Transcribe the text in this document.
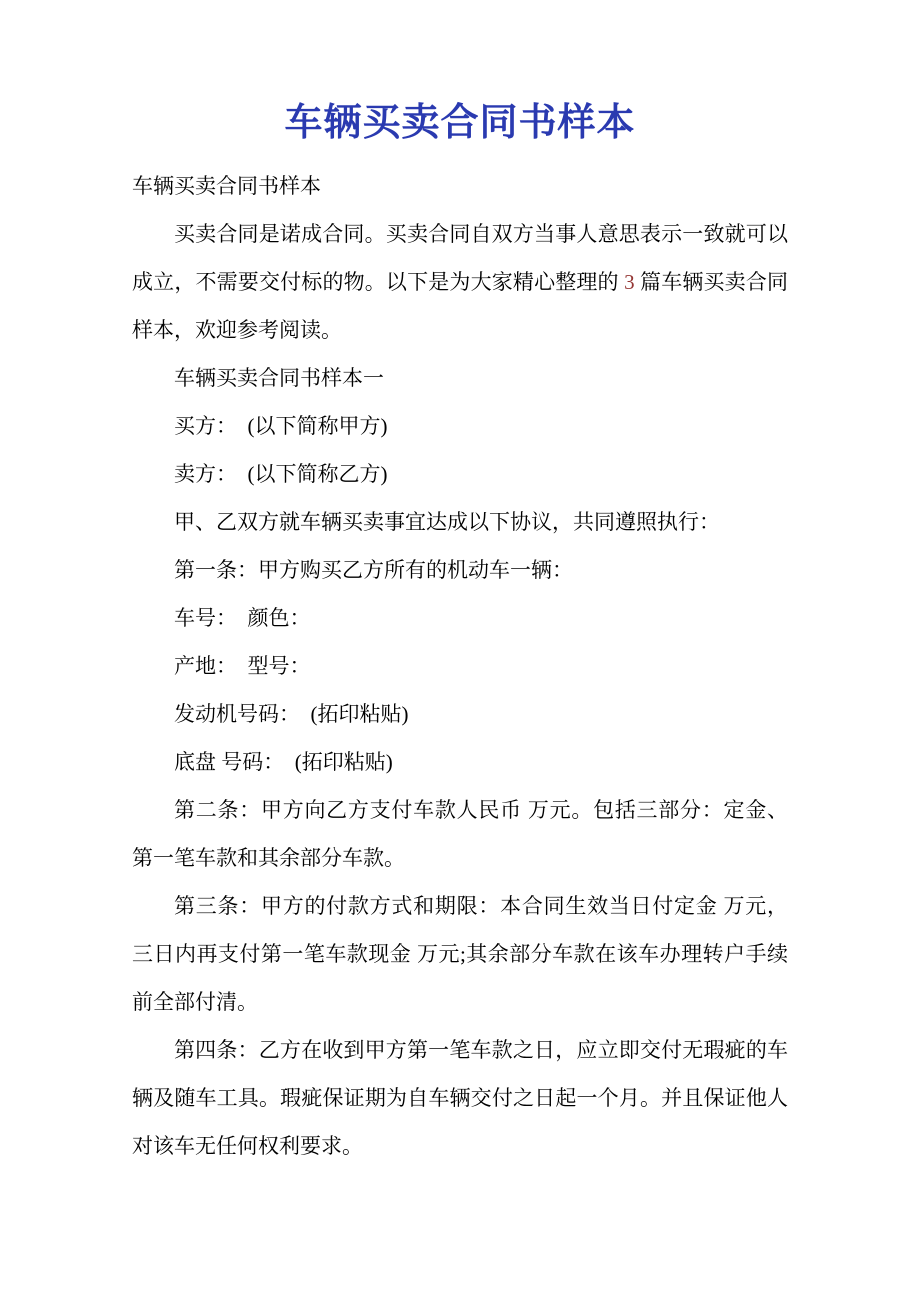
车辆买卖合同书样本

车辆买卖合同书样本

买卖合同是诺成合同。买卖合同自双方当事人意思表示一致就可以成立，不需要交付标的物。以下是为大家精心整理的 3 篇车辆买卖合同样本，欢迎参考阅读。

车辆买卖合同书样本一

买方：　(以下简称甲方)

卖方：　(以下简称乙方)

甲、乙双方就车辆买卖事宜达成以下协议，共同遵照执行：

第一条：甲方购买乙方所有的机动车一辆：

车号：　颜色：

产地：　型号：

发动机号码：　(拓印粘贴)

底盘 号码：　(拓印粘贴)

第二条：甲方向乙方支付车款人民币 万元。包括三部分：定金、第一笔车款和其余部分车款。

第三条：甲方的付款方式和期限：本合同生效当日付定金 万元，三日内再支付第一笔车款现金 万元;其余部分车款在该车办理转户手续前全部付清。

第四条：乙方在收到甲方第一笔车款之日，应立即交付无瑕疵的车辆及随车工具。瑕疵保证期为自车辆交付之日起一个月。并且保证他人对该车无任何权利要求。
